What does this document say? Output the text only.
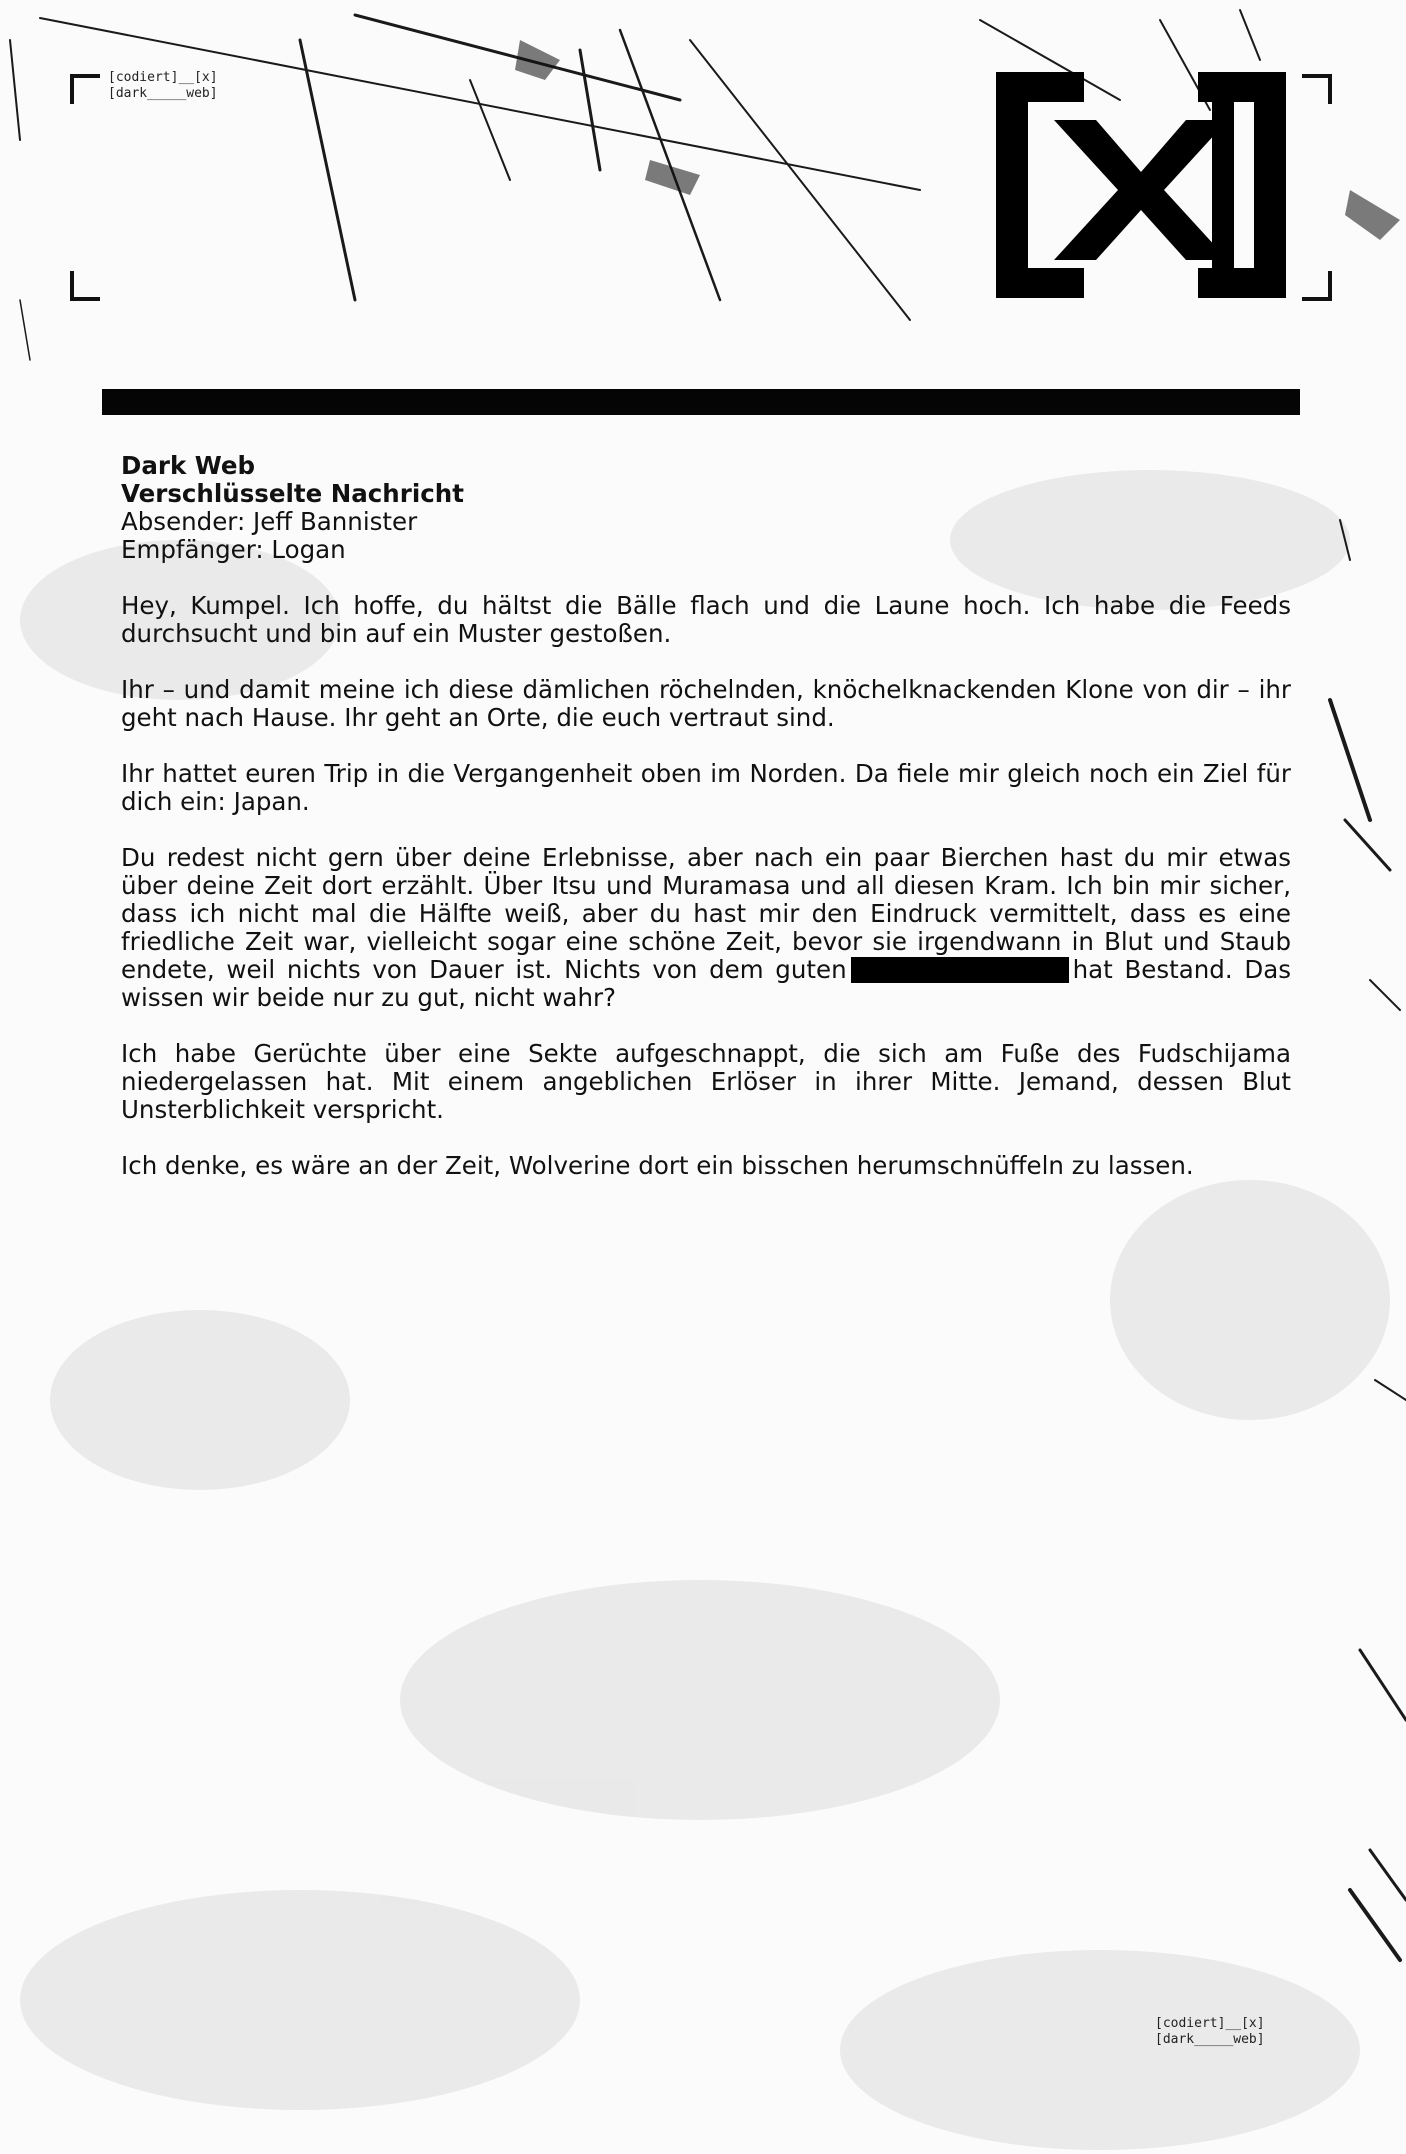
[codiert]__[x]
[dark_____web]
Dark Web
Verschlüsselte Nachricht
Absender: Jeff Bannister
Empfänger: Logan

Hey, Kumpel. Ich hoffe, du hältst die Bälle flach und die Laune hoch. Ich habe die Feeds durchsucht und bin auf ein Muster gestoßen.

Ihr – und damit meine ich diese dämlichen röchelnden, knöchelknackenden Klone von dir – ihr geht nach Hause. Ihr geht an Orte, die euch vertraut sind.

Ihr hattet euren Trip in die Vergangenheit oben im Norden. Da fiele mir gleich noch ein Ziel für dich ein: Japan.

Du redest nicht gern über deine Erlebnisse, aber nach ein paar Bierchen hast du mir etwas über deine Zeit dort erzählt. Über Itsu und Muramasa und all diesen Kram. Ich bin mir sicher, dass ich nicht mal die Hälfte weiß, aber du hast mir den Eindruck vermittelt, dass es eine friedliche Zeit war, vielleicht sogar eine schöne Zeit, bevor sie irgendwann in Blut und Staub endete, weil nichts von Dauer ist. Nichts von dem guten	hat Bestand. Das wissen wir beide nur zu gut, nicht wahr?

Ich habe Gerüchte über eine Sekte aufgeschnappt, die sich am Fuße des Fudschijama niedergelassen hat. Mit einem angeblichen Erlöser in ihrer Mitte. Jemand, dessen Blut Unsterblichkeit verspricht.

Ich denke, es wäre an der Zeit, Wolverine dort ein bisschen herumschnüffeln zu lassen.

[codiert]__[x]
[dark_____web]
